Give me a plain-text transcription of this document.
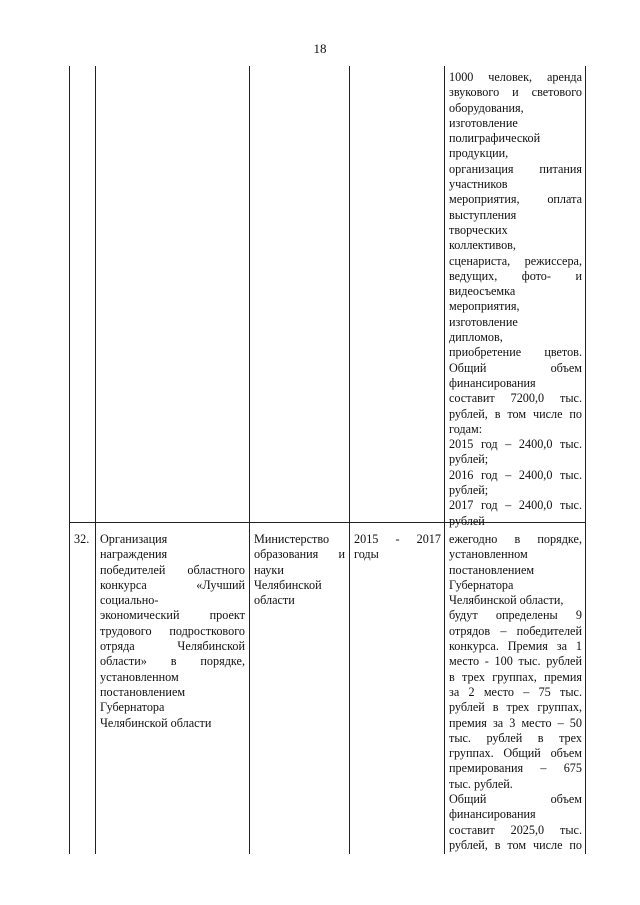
18
1000 человек, аренда
звукового и светового
оборудования,
изготовление
полиграфической
продукции,
организация питания
участников
мероприятия, оплата
выступления
творческих
коллективов,
сценариста, режиссера,
ведущих, фото- и
видеосъемка
мероприятия,
изготовление
дипломов,
приобретение цветов.
Общий объем
финансирования
составит 7200,0 тыс.
рублей, в том числе по
годам:
2015 год – 2400,0 тыс.
рублей;
2016 год – 2400,0 тыс.
рублей;
2017 год – 2400,0 тыс.
рублей
32. Организация
награждения
победителей областного
конкурса «Лучший
социально-
экономический проект
трудового подросткового
отряда Челябинской
области» в порядке,
установленном
постановлением
Губернатора
Челябинской области
Министерство
образования и
науки
Челябинской
области
2015 - 2017
годы
ежегодно в порядке,
установленном
постановлением
Губернатора
Челябинской области,
будут определены 9
отрядов – победителей
конкурса. Премия за 1
место - 100 тыс. рублей
в трех группах, премия
за 2 место – 75 тыс.
рублей в трех группах,
премия за 3 место – 50
тыс. рублей в трех
группах. Общий объем
премирования – 675
тыс. рублей.
Общий объем
финансирования
составит 2025,0 тыс.
рублей, в том числе по
